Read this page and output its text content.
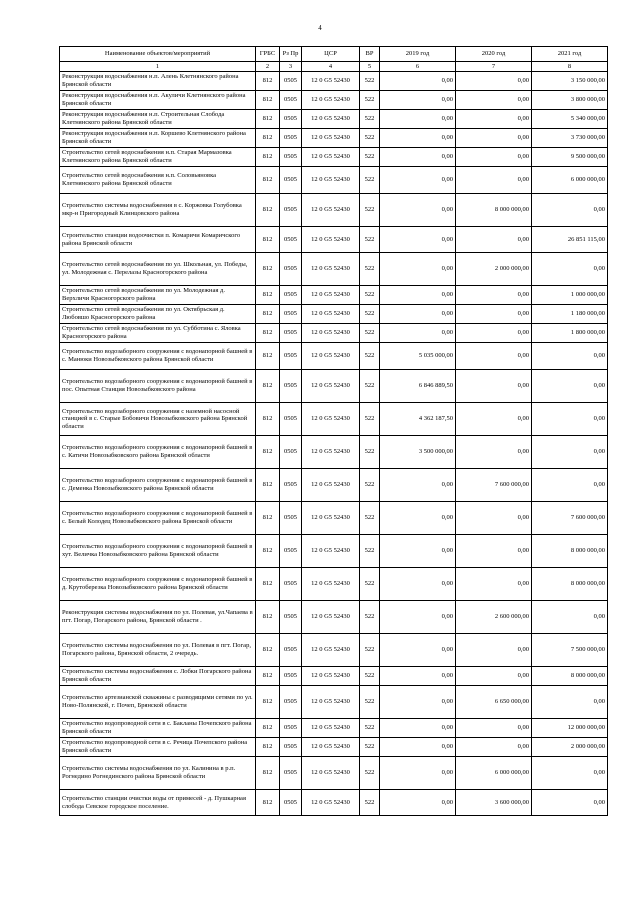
4
Наименование объектов/мероприятий	ГРБС	Рз Пр	ЦСР	ВР	2019 год	2020 год	2021 год
1	2	3	4	5	6	7	8
Реконструкция водоснабжения н.п. Алень Клетнянского района Брянской области	812	0505	12 0 G5 52430	522	0,00	0,00	3 150 000,00
Реконструкция водоснабжения н.п. Акуличи Клетнянского района Брянской области	812	0505	12 0 G5 52430	522	0,00	0,00	3 800 000,00
Реконструкция водоснабжения н.п. Строительная Слобода Клетнянского района Брянской области	812	0505	12 0 G5 52430	522	0,00	0,00	5 340 000,00
Реконструкция водоснабжения н.п. Коршево Клетнянского района Брянской области	812	0505	12 0 G5 52430	522	0,00	0,00	3 730 000,00
Строительство сетей водоснабжения н.п. Старая Мармазовка Клетнянского района Брянской области	812	0505	12 0 G5 52430	522	0,00	0,00	9 500 000,00
Строительство сетей водоснабжения н.п. Соловьяновка Клетнянского района Брянской области	812	0505	12 0 G5 52430	522	0,00	0,00	6 000 000,00
Строительство системы водоснабжения в с. Коржовка Голубовка мкр-н Пригородный Клинцовского района	812	0505	12 0 G5 52430	522	0,00	8 000 000,00	0,00
Строительство станции водоочистки п. Комаричи Комаричского района Брянской области	812	0505	12 0 G5 52430	522	0,00	0,00	26 851 115,00
Строительство сетей водоснабжения по ул. Школьная, ул. Победы, ул. Молодежная с. Перелазы Красногорского района	812	0505	12 0 G5 52430	522	0,00	2 000 000,00	0,00
Строительство сетей водоснабжения по ул. Молодежная д. Верхличи Красногорского района	812	0505	12 0 G5 52430	522	0,00	0,00	1 000 000,00
Строительство сетей водоснабжения по ул. Октябрьская д. Любовшо Красногорского района	812	0505	12 0 G5 52430	522	0,00	0,00	1 180 000,00
Строительство сетей водоснабжения по ул. Субботина с. Яловка Красногорского района	812	0505	12 0 G5 52430	522	0,00	0,00	1 800 000,00
Строительство водозаборного сооружения с водонапорной башней в с. Манюки Новозыбковского района Брянской области	812	0505	12 0 G5 52430	522	5 035 000,00	0,00	0,00
Строительство водозаборного сооружения с водонапорной башней в пос. Опытная Станция Новозыбковского района	812	0505	12 0 G5 52430	522	6 846 889,50	0,00	0,00
Строительство водозаборного сооружения с наземной насосной станцией в с. Старые Бобовичи Новозыбковского района Брянской области	812	0505	12 0 G5 52430	522	4 362 187,50	0,00	0,00
Строительство водозаборного сооружения с водонапорной башней в с. Катичи Новозыбковского района Брянской области	812	0505	12 0 G5 52430	522	3 500 000,00	0,00	0,00
Строительство водозаборного сооружения с водонапорной башней в с. Деменка Новозыбковского района Брянской области	812	0505	12 0 G5 52430	522	0,00	7 600 000,00	0,00
Строительство водозаборного сооружения с водонапорной башней в с. Белый Колодец Новозыбковского района Брянской области	812	0505	12 0 G5 52430	522	0,00	0,00	7 600 000,00
Строительство водозаборного сооружения с водонапорной башней в хут. Величка Новозыбковского района Брянской области	812	0505	12 0 G5 52430	522	0,00	0,00	8 000 000,00
Строительство водозаборного сооружения с водонапорной башней в д. Крутоберезка Новозыбковского района Брянской области	812	0505	12 0 G5 52430	522	0,00	0,00	8 000 000,00
Реконструкция системы водоснабжения по ул. Полевая, ул.Чапаева в пгт. Погар, Погарского района, Брянской области .	812	0505	12 0 G5 52430	522	0,00	2 600 000,00	0,00
Строительство системы водоснабжения по ул. Полевая в пгт. Погар, Погарского района, Брянской области, 2 очередь.	812	0505	12 0 G5 52430	522	0,00	0,00	7 500 000,00
Строительство системы водоснабжения с. Лобки Погарского района Брянской области	812	0505	12 0 G5 52430	522	0,00	0,00	8 000 000,00
Строительство артезианской скважины с разводящими сетями по ул. Ново-Полянской, г. Почеп, Брянской области	812	0505	12 0 G5 52430	522	0,00	6 650 000,00	0,00
Строительство водопроводной сети в с. Бакланы Почепского района Брянской области	812	0505	12 0 G5 52430	522	0,00	0,00	12 000 000,00
Строительство водопроводной сети в с. Речица Почепского района Брянской области	812	0505	12 0 G5 52430	522	0,00	0,00	2 000 000,00
Строительство системы водоснабжения по ул. Калинина в р.п. Рогнедино Рогнединского района Брянской области	812	0505	12 0 G5 52430	522	0,00	6 000 000,00	0,00
Строительство станции очистки воды от примесей - д. Пушкарная слобода Севское городское поселение.	812	0505	12 0 G5 52430	522	0,00	3 600 000,00	0,00
